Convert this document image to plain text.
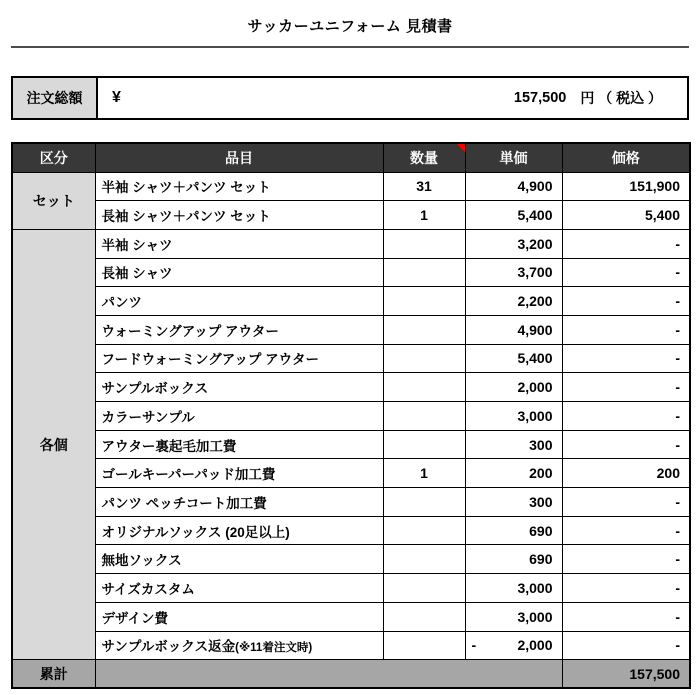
サッカーユニフォーム 見積書
注文総額	¥	157,500 円 （ 税込 ）
区分	品目	数量	単価	価格
セット	半袖 シャツ＋パンツ セット	31	4,900	151,900
	長袖 シャツ＋パンツ セット	1	5,400	5,400
各個	半袖 シャツ		3,200	-
	長袖 シャツ		3,700	-
	パンツ		2,200	-
	ウォーミングアップ アウター		4,900	-
	フードウォーミングアップ アウター		5,400	-
	サンプルボックス		2,000	-
	カラーサンプル		3,000	-
	アウター裏起毛加工費		300	-
	ゴールキーパーパッド加工費	1	200	200
	パンツ ペッチコート加工費		300	-
	オリジナルソックス (20足以上)		690	-
	無地ソックス		690	-
	サイズカスタム		3,000	-
	デザイン費		3,000	-
	サンプルボックス返金(※11着注文時)		- 2,000	-
累計				157,500
